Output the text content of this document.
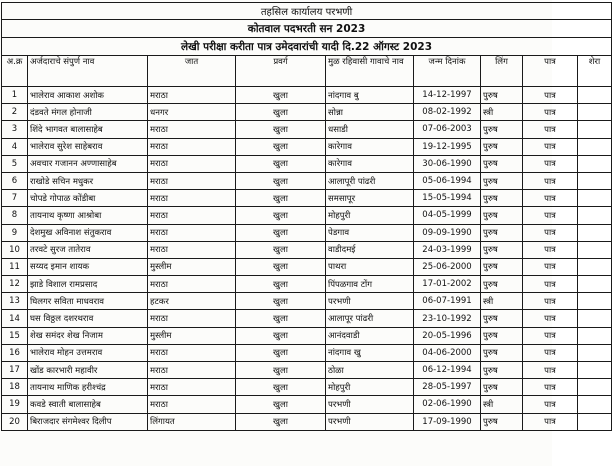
तहसिल कार्यालय परभणी								
कोतवाल पदभरती सन 2023								
लेखी परीक्षा करीता पात्र उमेदवारांची यादी दि.22 ऑगस्ट 2023								
अ.क्र	अर्जदाराचे संपुर्ण नाव	जात	प्रवर्ग	मुळ रहिवासी गावाचे नाव	जन्म दिनांक	लिंग	पात्र	शेरा
1	भालेराव आकाश अशोक	मराठा	खुला	नांदगाव बु	14-12-1997	पुरुष	पात्र	
2	दंडवते मंगल होनाजी	धनगर	खुला	सोन्ना	08-02-1992	स्त्री	पात्र	
3	शिंदे भागवत बालासाहेब	मराठा	खुला	धसाडी	07-06-2003	पुरुष	पात्र	
4	भालेराव सुरेश साहेबराव	मराठा	खुला	कारेगाव	19-12-1995	पुरुष	पात्र	
5	अवचार गजानन अण्णासाहेब	मराठा	खुला	कारेगाव	30-06-1990	पुरुष	पात्र	
6	राखोडे सचिन मधुकर	मराठा	खुला	आलापूरी पांढरी	05-06-1994	पुरुष	पात्र	
7	चोपडे गोपाळ कोंडीबा	मराठा	खुला	समसापूर	15-05-1994	पुरुष	पात्र	
8	तायनाथ कृष्णा आश्रोबा	मराठा	खुला	मोहपुरी	04-05-1999	पुरुष	पात्र	
9	देशमुख अविनाश संतुकराव	मराठा	खुला	पेडगाव	09-09-1990	पुरुष	पात्र	
10	तरवटे सुरज तातेराव	मराठा	खुला	वाडीदमई	24-03-1999	पुरुष	पात्र	
11	सय्यद इमान शायक	मुस्लीम	खुला	पाथरा	25-06-2000	पुरुष	पात्र	
12	झाडे विशाल रामप्रसाद	मराठा	खुला	पिंपळगाव टोंग	17-01-2002	पुरुष	पात्र	
13	घिलगर सविता माधवराव	हटकर	खुला	परभणी	06-07-1991	स्त्री	पात्र	
14	घस विठ्ठल दशरथराव	मराठा	खुला	आलापूर पांढरी	23-10-1992	पुरुष	पात्र	
15	शेख समंदर शेख निजाम	मुस्लीम	खुला	आनंदवाडी	20-05-1996	पुरुष	पात्र	
16	भालेराव मोहन उत्तमराव	मराठा	खुला	नांदगाव खु	04-06-2000	पुरुष	पात्र	
17	खोंड कारभारी महावीर	मराठा	खुला	ठोळा	06-12-1994	पुरुष	पात्र	
18	तायनाथ माणिक हरीश्चंद्र	मराठा	खुला	मोहपुरी	28-05-1997	पुरुष	पात्र	
19	कवडे स्वाती बालासाहेब	मराठा	खुला	परभणी	02-06-1990	स्त्री	पात्र	
20	बिराजदार संगमेश्वर दिलीप	लिंगायत	खुला	परभणी	17-09-1990	पुरुष	पात्र	
